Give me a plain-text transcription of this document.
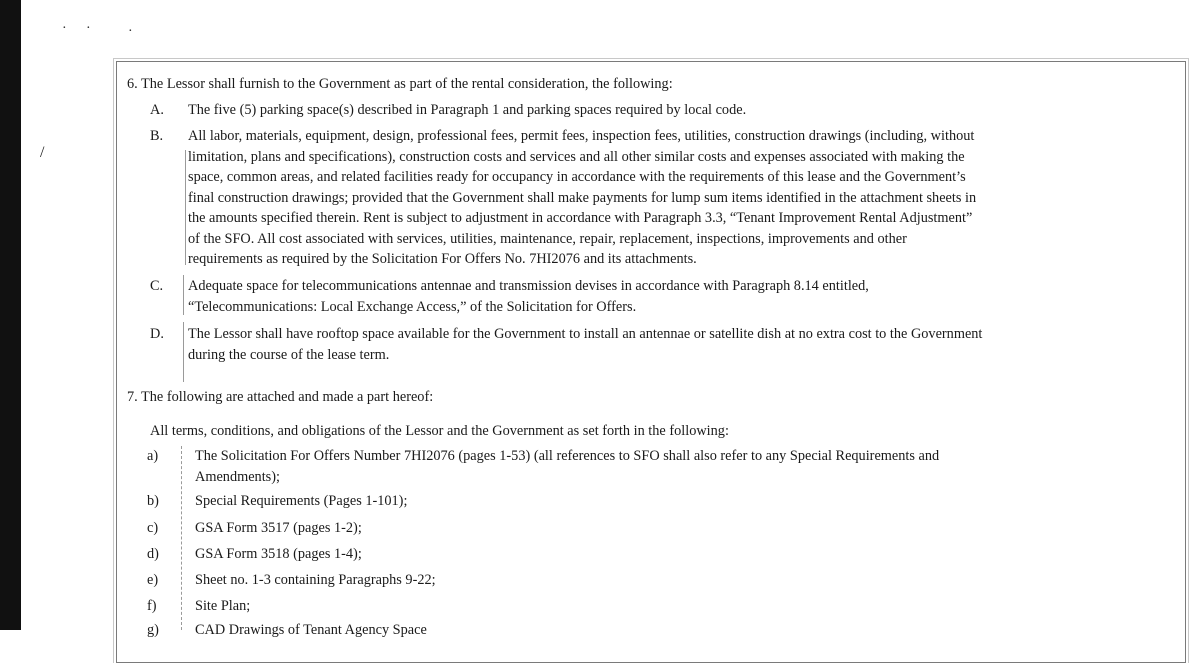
· ·	·
/
6. The Lessor shall furnish to the Government as part of the rental consideration, the following:
A. The five (5) parking space(s) described in Paragraph 1 and parking spaces required by local code.
B. All labor, materials, equipment, design, professional fees, permit fees, inspection fees, utilities, construction drawings (including, without
limitation, plans and specifications), construction costs and services and all other similar costs and expenses associated with making the
space, common areas, and related facilities ready for occupancy in accordance with the requirements of this lease and the Government’s
final construction drawings; provided that the Government shall make payments for lump sum items identified in the attachment sheets in
the amounts specified therein. Rent is subject to adjustment in accordance with Paragraph 3.3, “Tenant Improvement Rental Adjustment”
of the SFO. All cost associated with services, utilities, maintenance, repair, replacement, inspections, improvements and other
requirements as required by the Solicitation For Offers No. 7HI2076 and its attachments.
C. Adequate space for telecommunications antennae and transmission devises in accordance with Paragraph 8.14 entitled,
“Telecommunications: Local Exchange Access,” of the Solicitation for Offers.
D. The Lessor shall have rooftop space available for the Government to install an antennae or satellite dish at no extra cost to the Government
during the course of the lease term.
7. The following are attached and made a part hereof:
All terms, conditions, and obligations of the Lessor and the Government as set forth in the following:
a)	The Solicitation For Offers Number 7HI2076 (pages 1-53) (all references to SFO shall also refer to any Special Requirements and
Amendments);
b)	Special Requirements (Pages 1-101);
c)	GSA Form 3517 (pages 1-2);
d)	GSA Form 3518 (pages 1-4);
e)	Sheet no. 1-3 containing Paragraphs 9-22;
f)	Site Plan;
g)	CAD Drawings of Tenant Agency Space
